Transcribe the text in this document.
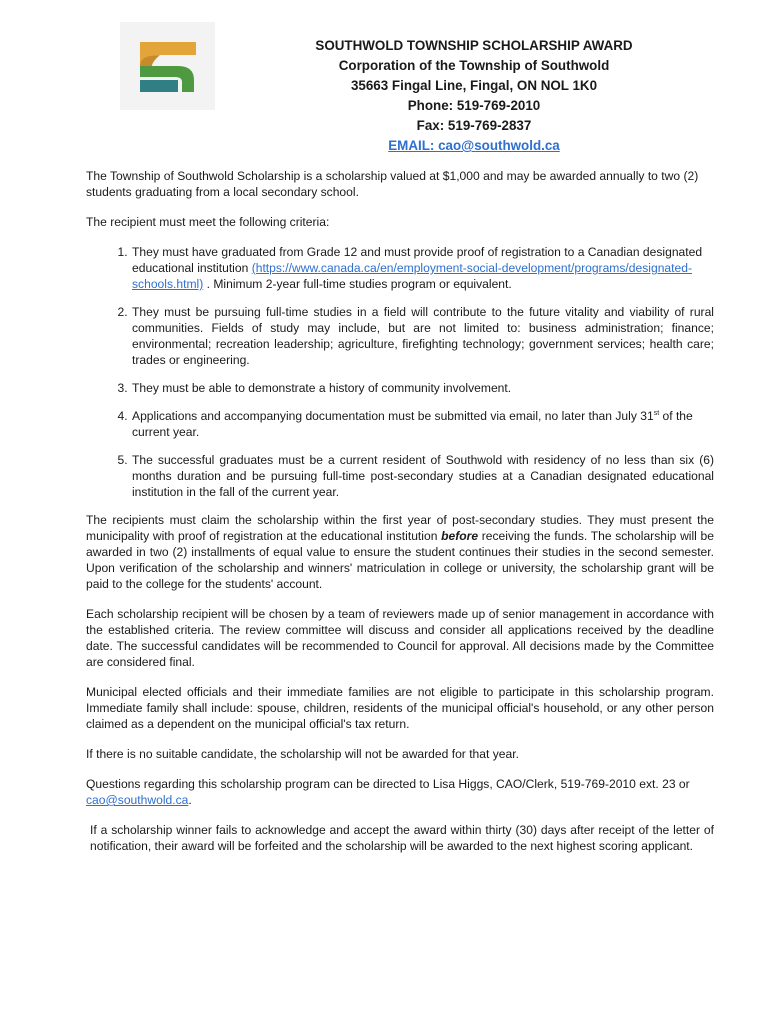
SOUTHWOLD TOWNSHIP SCHOLARSHIP AWARD
Corporation of the Township of Southwold
35663 Fingal Line, Fingal, ON NOL 1K0
Phone: 519-769-2010
Fax: 519-769-2837
EMAIL: cao@southwold.ca

The Township of Southwold Scholarship is a scholarship valued at $1,000 and may be awarded annually to two (2) students graduating from a local secondary school.

The recipient must meet the following criteria:

1. They must have graduated from Grade 12 and must provide proof of registration to a Canadian designated educational institution (https://www.canada.ca/en/employment-social-development/programs/designated-schools.html) . Minimum 2-year full-time studies program or equivalent.
2. They must be pursuing full-time studies in a field will contribute to the future vitality and viability of rural communities. Fields of study may include, but are not limited to: business administration; finance; environmental; recreation leadership; agriculture, firefighting technology; government services; health care; trades or engineering.
3. They must be able to demonstrate a history of community involvement.
4. Applications and accompanying documentation must be submitted via email, no later than July 31st of the current year.
5. The successful graduates must be a current resident of Southwold with residency of no less than six (6) months duration and be pursuing full-time post-secondary studies at a Canadian designated educational institution in the fall of the current year.

The recipients must claim the scholarship within the first year of post-secondary studies. They must present the municipality with proof of registration at the educational institution before receiving the funds. The scholarship will be awarded in two (2) installments of equal value to ensure the student continues their studies in the second semester. Upon verification of the scholarship and winners' matriculation in college or university, the scholarship grant will be paid to the college for the students' account.

Each scholarship recipient will be chosen by a team of reviewers made up of senior management in accordance with the established criteria. The review committee will discuss and consider all applications received by the deadline date. The successful candidates will be recommended to Council for approval. All decisions made by the Committee are considered final.

Municipal elected officials and their immediate families are not eligible to participate in this scholarship program. Immediate family shall include: spouse, children, residents of the municipal official's household, or any other person claimed as a dependent on the municipal official's tax return.

If there is no suitable candidate, the scholarship will not be awarded for that year.

Questions regarding this scholarship program can be directed to Lisa Higgs, CAO/Clerk, 519-769-2010 ext. 23 or cao@southwold.ca.

If a scholarship winner fails to acknowledge and accept the award within thirty (30) days after receipt of the letter of notification, their award will be forfeited and the scholarship will be awarded to the next highest scoring applicant.
